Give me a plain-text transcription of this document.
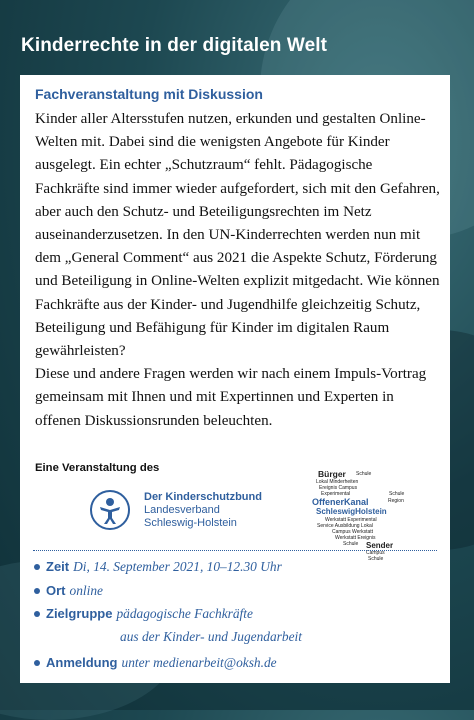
Kinderrechte in der digitalen Welt
Fachveranstaltung mit Diskussion

Kinder aller Altersstufen nutzen, erkunden und gestalten Online-Welten mit. Dabei sind die wenigsten Angebote für Kinder ausgelegt. Ein echter „Schutzraum“ fehlt. Pädagogische Fachkräfte sind immer wieder aufgefordert, sich mit den Gefahren, aber auch den Schutz- und Beteiligungsrechten im Netz auseinanderzusetzen. In den UN-Kinderrechten werden nun mit dem „General Comment“ aus 2021 die Aspekte Schutz, Förderung und Beteiligung in Online-Welten explizit mitgedacht. Wie können Fachkräfte aus der Kinder- und Jugendhilfe gleichzeitig Schutz, Beteiligung und Befähigung für Kinder im digitalen Raum gewährleisten?

Diese und andere Fragen werden wir nach einem Impuls-Vortrag gemeinsam mit Ihnen und mit Expertinnen und Experten in offenen Diskussionsrunden beleuchten.

Eine Veranstaltung des
Der Kinderschutzbund
Landesverband
Schleswig-Holstein
Bürger Schule
Lokal Minderheiten
Ereignis Campus
Experimental	Schule
OffenerKanal	Region
SchleswigHolstein
Werkstatt Experimental
Service Ausbildung Lokal
Campus Werkstatt
Werkstatt Ereignis
Schule Sender
Campus
Schule
Zeit Di, 14. September 2021, 10–12.30 Uhr
Ort online
Zielgruppe pädagogische Fachkräfte
aus der Kinder- und Jugendarbeit
Anmeldung unter medienarbeit@oksh.de
